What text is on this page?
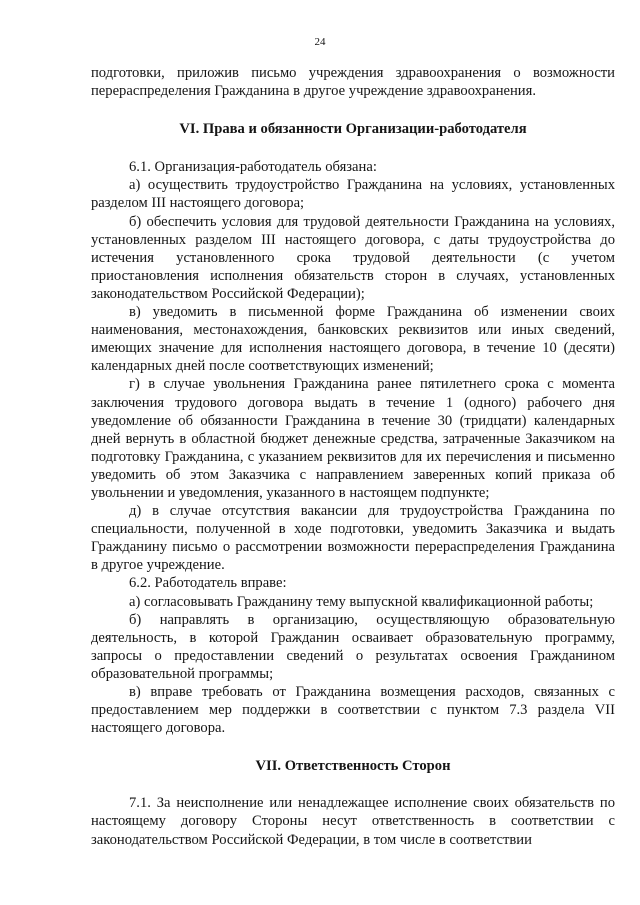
24

подготовки, приложив письмо учреждения здравоохранения о возможности перераспределения Гражданина в другое учреждение здравоохранения.

VI. Права и обязанности Организации-работодателя

6.1. Организация-работодатель обязана:

а) осуществить трудоустройство Гражданина на условиях, установленных разделом III настоящего договора;

б) обеспечить условия для трудовой деятельности Гражданина на условиях, установленных разделом III настоящего договора, с даты трудоустройства до истечения установленного срока трудовой деятельности (с учетом приостановления исполнения обязательств сторон в случаях, установленных законодательством Российской Федерации);

в) уведомить в письменной форме Гражданина об изменении своих наименования, местонахождения, банковских реквизитов или иных сведений, имеющих значение для исполнения настоящего договора, в течение 10 (десяти) календарных дней после соответствующих изменений;

г) в случае увольнения Гражданина ранее пятилетнего срока с момента заключения трудового договора выдать в течение 1 (одного) рабочего дня уведомление об обязанности Гражданина в течение 30 (тридцати) календарных дней вернуть в областной бюджет денежные средства, затраченные Заказчиком на подготовку Гражданина, с указанием реквизитов для их перечисления и письменно уведомить об этом Заказчика с направлением заверенных копий приказа об увольнении и уведомления, указанного в настоящем подпункте;

д) в случае отсутствия вакансии для трудоустройства Гражданина по специальности, полученной в ходе подготовки, уведомить Заказчика и выдать Гражданину письмо о рассмотрении возможности перераспределения Гражданина в другое учреждение.

6.2. Работодатель вправе:

а) согласовывать Гражданину тему выпускной квалификационной работы;

б) направлять в организацию, осуществляющую образовательную деятельность, в которой Гражданин осваивает образовательную программу, запросы о предоставлении сведений о результатах освоения Гражданином образовательной программы;

в) вправе требовать от Гражданина возмещения расходов, связанных с предоставлением мер поддержки в соответствии с пунктом 7.3 раздела VII настоящего договора.

VII. Ответственность Сторон

7.1. За неисполнение или ненадлежащее исполнение своих обязательств по настоящему договору Стороны несут ответственность в соответствии с законодательством Российской Федерации, в том числе в соответствии
